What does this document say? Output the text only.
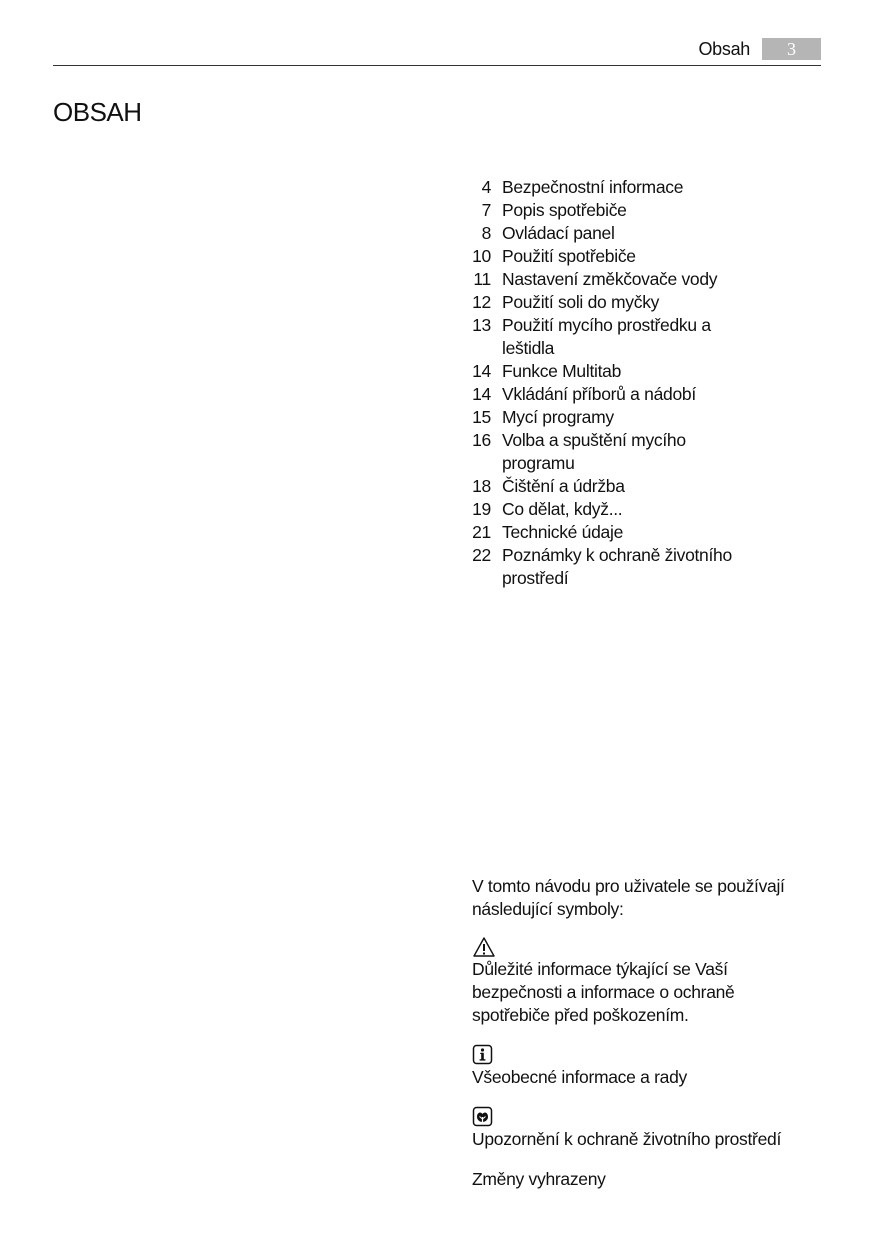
Obsah	3
OBSAH
4 Bezpečnostní informace
7 Popis spotřebiče
8 Ovládací panel
10 Použití spotřebiče
11 Nastavení změkčovače vody
12 Použití soli do myčky
13 Použití mycího prostředku a leštidla
14 Funkce Multitab
14 Vkládání příborů a nádobí
15 Mycí programy
16 Volba a spuštění mycího programu
18 Čištění a údržba
19 Co dělat, když...
21 Technické údaje
22 Poznámky k ochraně životního prostředí

V tomto návodu pro uživatele se používají následující symboly:

Důležité informace týkající se Vaší bezpečnosti a informace o ochraně spotřebiče před poškozením.

Všeobecné informace a rady

Upozornění k ochraně životního prostředí

Změny vyhrazeny
